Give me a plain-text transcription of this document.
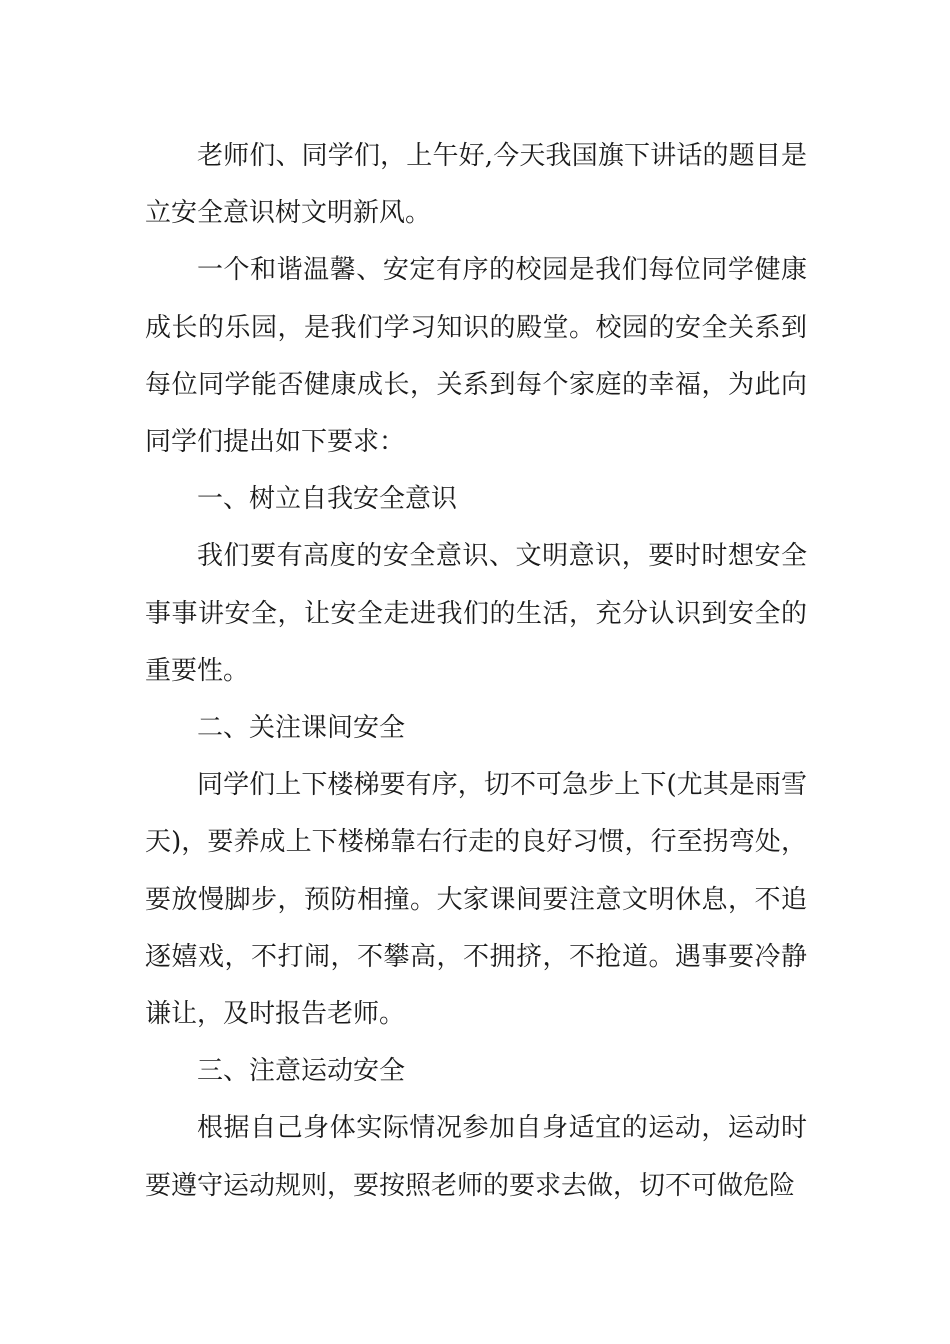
老师们、同学们，上午好,今天我国旗下讲话的题目是立安全意识树文明新风。

一个和谐温馨、安定有序的校园是我们每位同学健康成长的乐园，是我们学习知识的殿堂。校园的安全关系到每位同学能否健康成长，关系到每个家庭的幸福，为此向同学们提出如下要求：

一、树立自我安全意识

我们要有高度的安全意识、文明意识，要时时想安全事事讲安全，让安全走进我们的生活，充分认识到安全的重要性。

二、关注课间安全

同学们上下楼梯要有序，切不可急步上下(尤其是雨雪天)，要养成上下楼梯靠右行走的良好习惯，行至拐弯处，要放慢脚步，预防相撞。大家课间要注意文明休息，不追逐嬉戏，不打闹，不攀高，不拥挤，不抢道。遇事要冷静谦让，及时报告老师。

三、注意运动安全

根据自己身体实际情况参加自身适宜的运动，运动时要遵守运动规则，要按照老师的要求去做，切不可做危险
